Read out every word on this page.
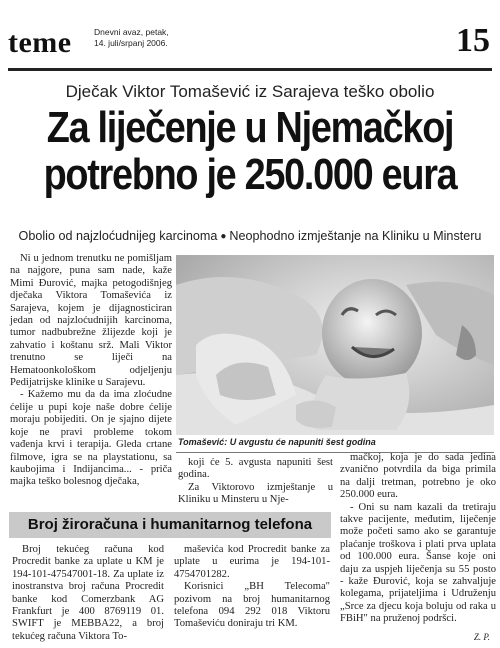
teme	Dnevni avaz, petak,
14. juli/srpanj 2006.	15
Dječak Viktor Tomašević iz Sarajeva teško obolio
Za liječenje u Njemačkoj
potrebno je 250.000 eura
Obolio od najzloćudnijeg karcinoma ● Neophodno izmještanje na Kliniku u Minsteru

Ni u jednom trenutku ne pomišljam na najgore, puna sam nade, kaže Mimi Đurović, majka petogodišnjeg dječaka Viktora Tomaševića iz Sarajeva, kojem je dijagnosticiran jedan od najzloćudnijih karcinoma, tumor nadbubrežne žlijezde koji je zahvatio i koštanu srž. Mali Viktor trenutno se liječi na Hematoonkološkom odjeljenju Pedijatrijske klinike u Sarajevu.

- Kažemo mu da da ima zloćudne ćelije u pupi koje naše dobre ćelije moraju pobijediti. On je sjajno dijete koje ne pravi probleme tokom vađenja krvi i terapija. Gleda crtane filmove, igra se na playstationu, sa kaubojima i Indijancima... - priča majka teško bolesnog dječaka,

Tomašević: U avgustu će napuniti šest godina

koji će 5. avgusta napuniti šest godina.

Za Viktorovo izmještanje u Kliniku u Minsteru u Nje-

mačkoj, koja je do sada jedina zvanično potvrdila da biga primila na dalji tretman, potrebno je oko 250.000 eura.

- Oni su nam kazali da tretiraju takve pacijente, međutim, liječenje može početi samo ako se garantuje plaćanje troškova i plati prva uplata od 100.000 eura. Šanse koje oni daju za uspjeh liječenja su 55 posto - kaže Đurović, koja se zahvaljuje kolegama, prijateljima i Udruženju „Srce za djecu koja boluju od raka u FBiH" na pruženoj podršci.

Broj žiroračuna i humanitarnog telefona

Broj tekućeg računa kod Procredit banke za uplate u KM je 194-101-47547001-18. Za uplate iz inostranstva broj računa Procredit banke kod Comerzbank AG Frankfurt je 400 8769119 01. SWIFT je MEBBA22, a broj tekućeg računa Viktora To-

maševića kod Procredit banke za uplate u eurima je 194-101-4754701282.

Korisnici „BH Telecoma" pozivom na broj humanitarnog telefona 094 292 018 Viktoru Tomaševiću doniraju tri KM.

Z. P.
